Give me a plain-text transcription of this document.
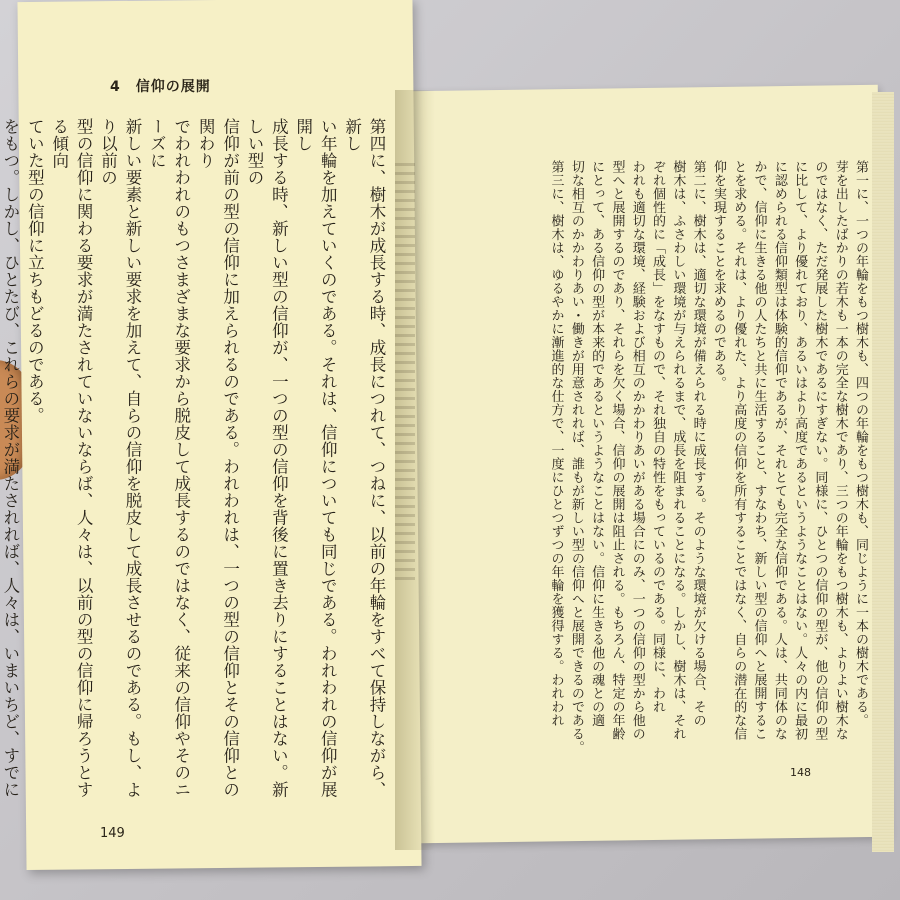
第一に、一つの年輪をもつ樹木も、四つの年輪をもつ樹木も、同じように一本の樹木である。

芽を出したばかりの若木も一本の完全な樹木であり、三つの年輪をもつ樹木も、よりよい樹木な

のではなく、ただ発展した樹木であるにすぎない。同様に、ひとつの信仰の型が、他の信仰の型

に比して、より優れており、あるいはより高度であるというようなことはない。人々の内に最初

に認められる信仰類型は体験的信仰であるが、それとても完全な信仰である。人は、共同体のな

かで、信仰に生きる他の人たちと共に生活すること、すなわち、新しい型の信仰へと展開するこ

とを求める。それは、より優れた、より高度の信仰を所有することではなく、自らの潜在的な信

仰を実現することを求めるのである。

第二に、樹木は、適切な環境が備えられる時に成長する。そのような環境が欠ける場合、その

樹木は、ふさわしい環境が与えられるまで、成長を阻まれることになる。しかし、樹木は、それ

ぞれ個性的に「成長」をなすもので、それ独自の特性をもっているのである。同様に、われ

われも適切な環境、経験および相互のかかわりあいがある場合にのみ、一つの信仰の型から他の

型へと展開するのであり、それらを欠く場合、信仰の展開は阻止される。もちろん、特定の年齢

にとって、ある信仰の型が本来的であるというようなことはない。信仰に生きる他の魂との適

切な相互のかかわりあい・働きが用意されれば、誰もが新しい型の信仰へと展開できるのである。

第三に、樹木は、ゆるやかに漸進的な仕方で、一度にひとつずつの年輪を獲得する。われわれ

148
4　信仰の展開

第四に、樹木が成長する時、成長につれて、つねに、以前の年輪をすべて保持しながら、新し

い年輪を加えていくのである。それは、信仰についても同じである。われわれの信仰が展開し

成長する時、新しい型の信仰が、一つの型の信仰を背後に置き去りにすることはない。新しい型の

信仰が前の型の信仰に加えられるのである。われわれは、一つの型の信仰とその信仰との関わり

でわれわれのもつさまざまな要求から脱皮して成長するのではなく、従来の信仰やそのニーズに

新しい要素と新しい要求を加えて、自らの信仰を脱皮して成長させるのである。もし、より以前の

型の信仰に関わる要求が満たされていないならば、人々は、以前の型の信仰に帰ろうとする傾向

ていた型の信仰に立ちもどるのである。

をもつ。しかし、ひとたび、これらの要求が満たされれば、人々は、いまいちど、すでに

149
